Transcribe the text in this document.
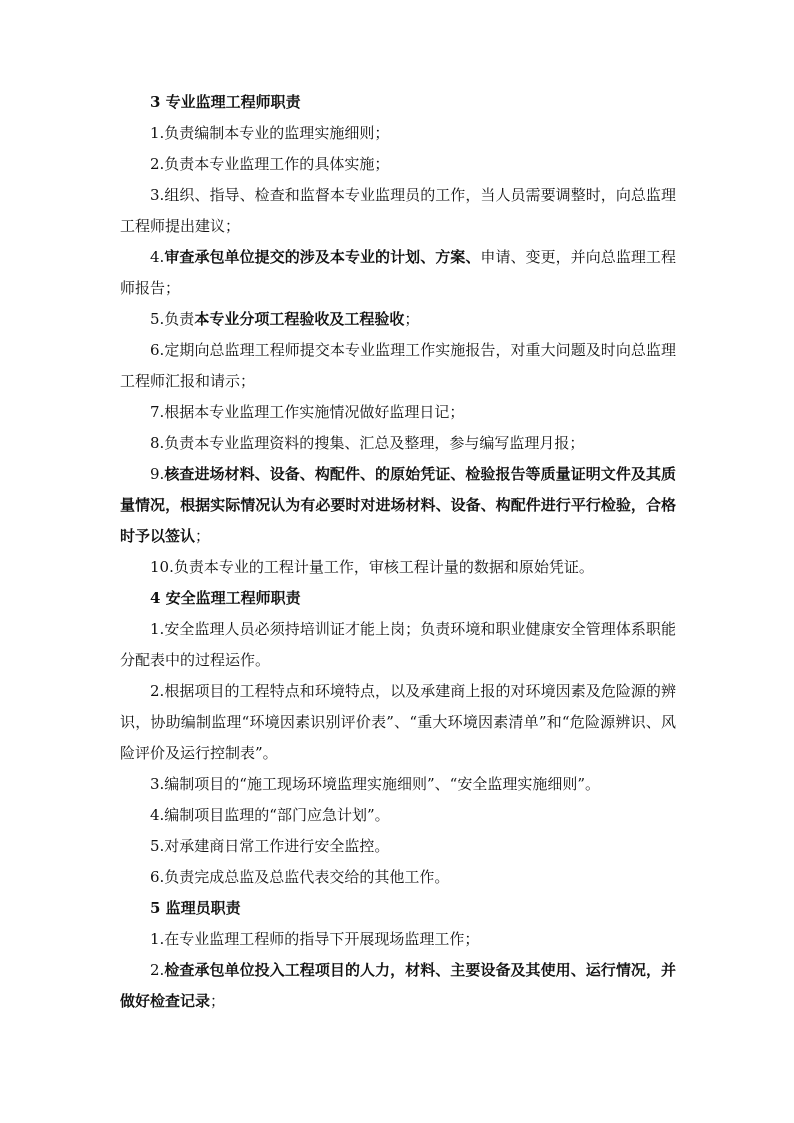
3 专业监理工程师职责

1.负责编制本专业的监理实施细则；

2.负责本专业监理工作的具体实施；

3.组织、指导、检查和监督本专业监理员的工作，当人员需要调整时，向总监理工程师提出建议；

4.审查承包单位提交的涉及本专业的计划、方案、申请、变更，并向总监理工程师报告；

5.负责本专业分项工程验收及工程验收；

6.定期向总监理工程师提交本专业监理工作实施报告，对重大问题及时向总监理工程师汇报和请示；

7.根据本专业监理工作实施情况做好监理日记；

8.负责本专业监理资料的搜集、汇总及整理，参与编写监理月报；

9.核查进场材料、设备、构配件、的原始凭证、检验报告等质量证明文件及其质量情况，根据实际情况认为有必要时对进场材料、设备、构配件进行平行检验，合格时予以签认；

10.负责本专业的工程计量工作，审核工程计量的数据和原始凭证。

4 安全监理工程师职责

1.安全监理人员必须持培训证才能上岗；负责环境和职业健康安全管理体系职能分配表中的过程运作。

2.根据项目的工程特点和环境特点，以及承建商上报的对环境因素及危险源的辨识，协助编制监理“环境因素识别评价表”、“重大环境因素清单”和“危险源辨识、风险评价及运行控制表”。

3.编制项目的“施工现场环境监理实施细则”、“安全监理实施细则”。

4.编制项目监理的“部门应急计划”。

5.对承建商日常工作进行安全监控。

6.负责完成总监及总监代表交给的其他工作。

5 监理员职责

1.在专业监理工程师的指导下开展现场监理工作；

2.检查承包单位投入工程项目的人力，材料、主要设备及其使用、运行情况，并做好检查记录；
